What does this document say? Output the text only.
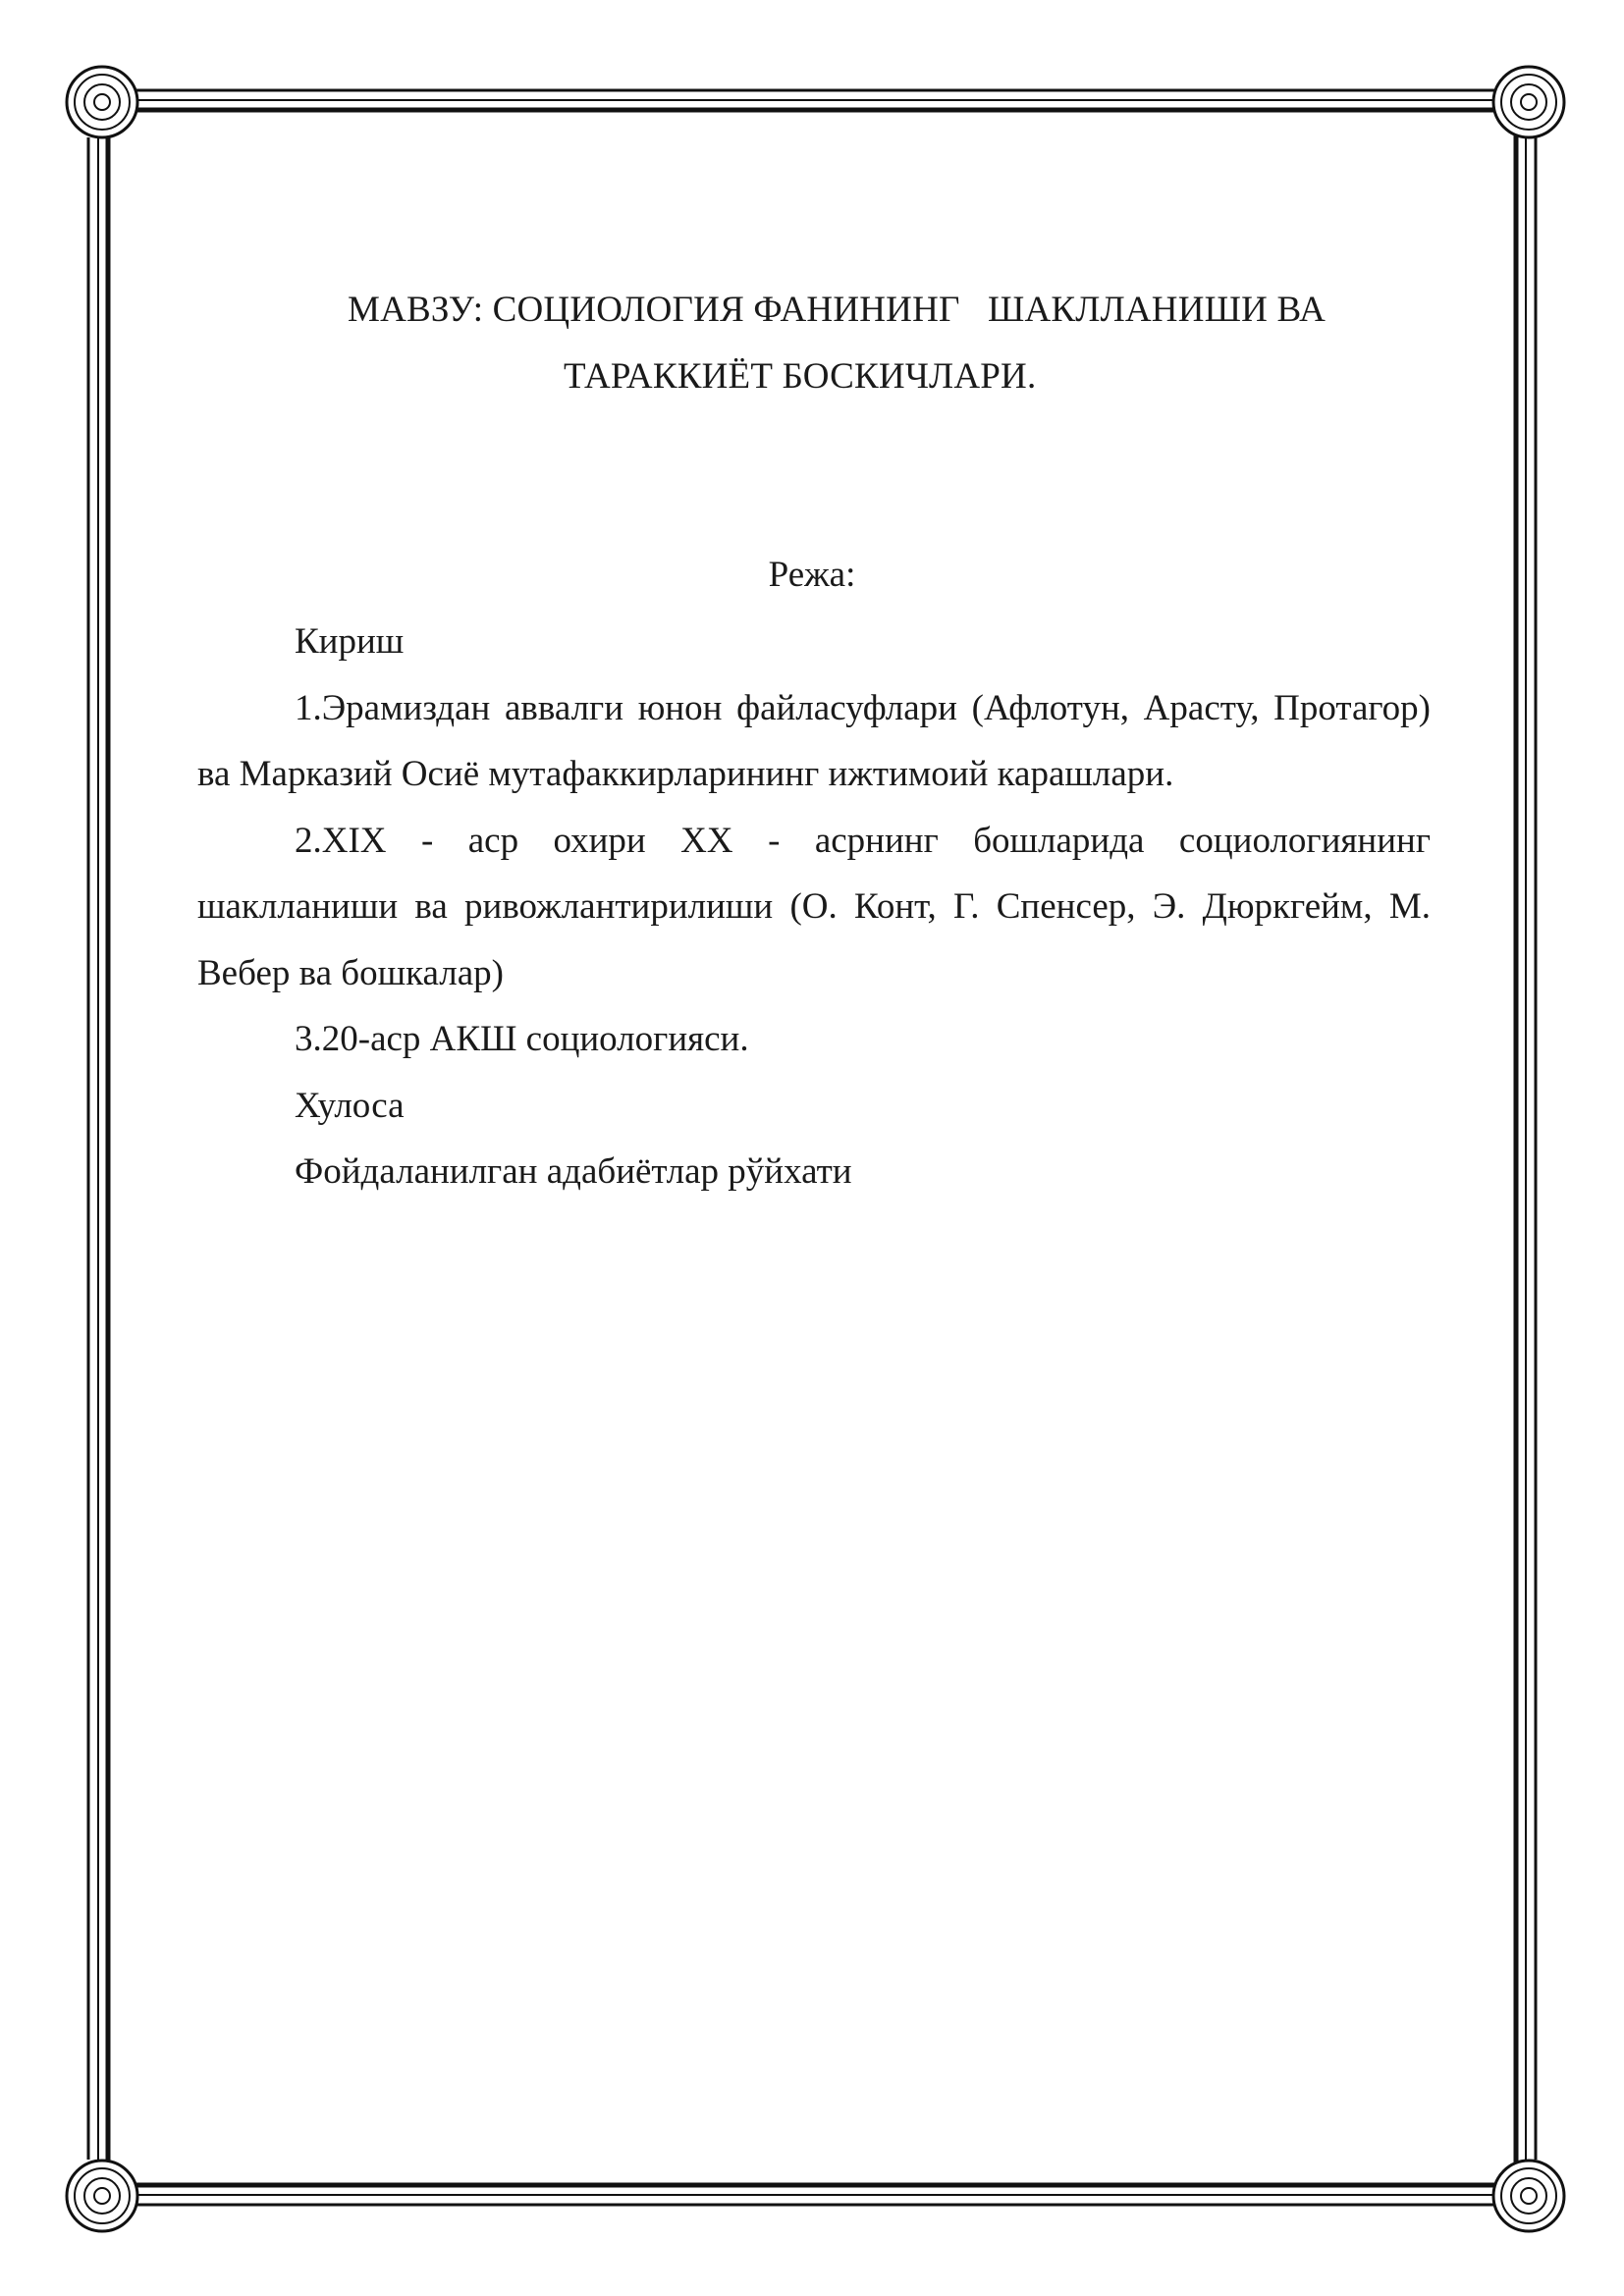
МАВЗУ: СОЦИОЛОГИЯ ФАНИНИНГ   ШАКЛЛАНИШИ ВА
ТАРАККИЁТ БОСКИЧЛАРИ.
Режа:

Кириш

1.Эрамиздан аввалги юнон файласуфлари (Афлотун, Арасту, Протагор) ва Марказий Осиё мутафаккирларининг ижтимоий карашлари.

2.XIX - аср охири XX - асрнинг бошларида социологиянинг шаклланиши ва ривожлантирилиши (О. Конт, Г. Спенсер, Э. Дюркгейм, М. Вебер ва бошкалар)

3.20-аср АКШ социологияси.

Хулоса

Фойдаланилган адабиётлар рўйхати
